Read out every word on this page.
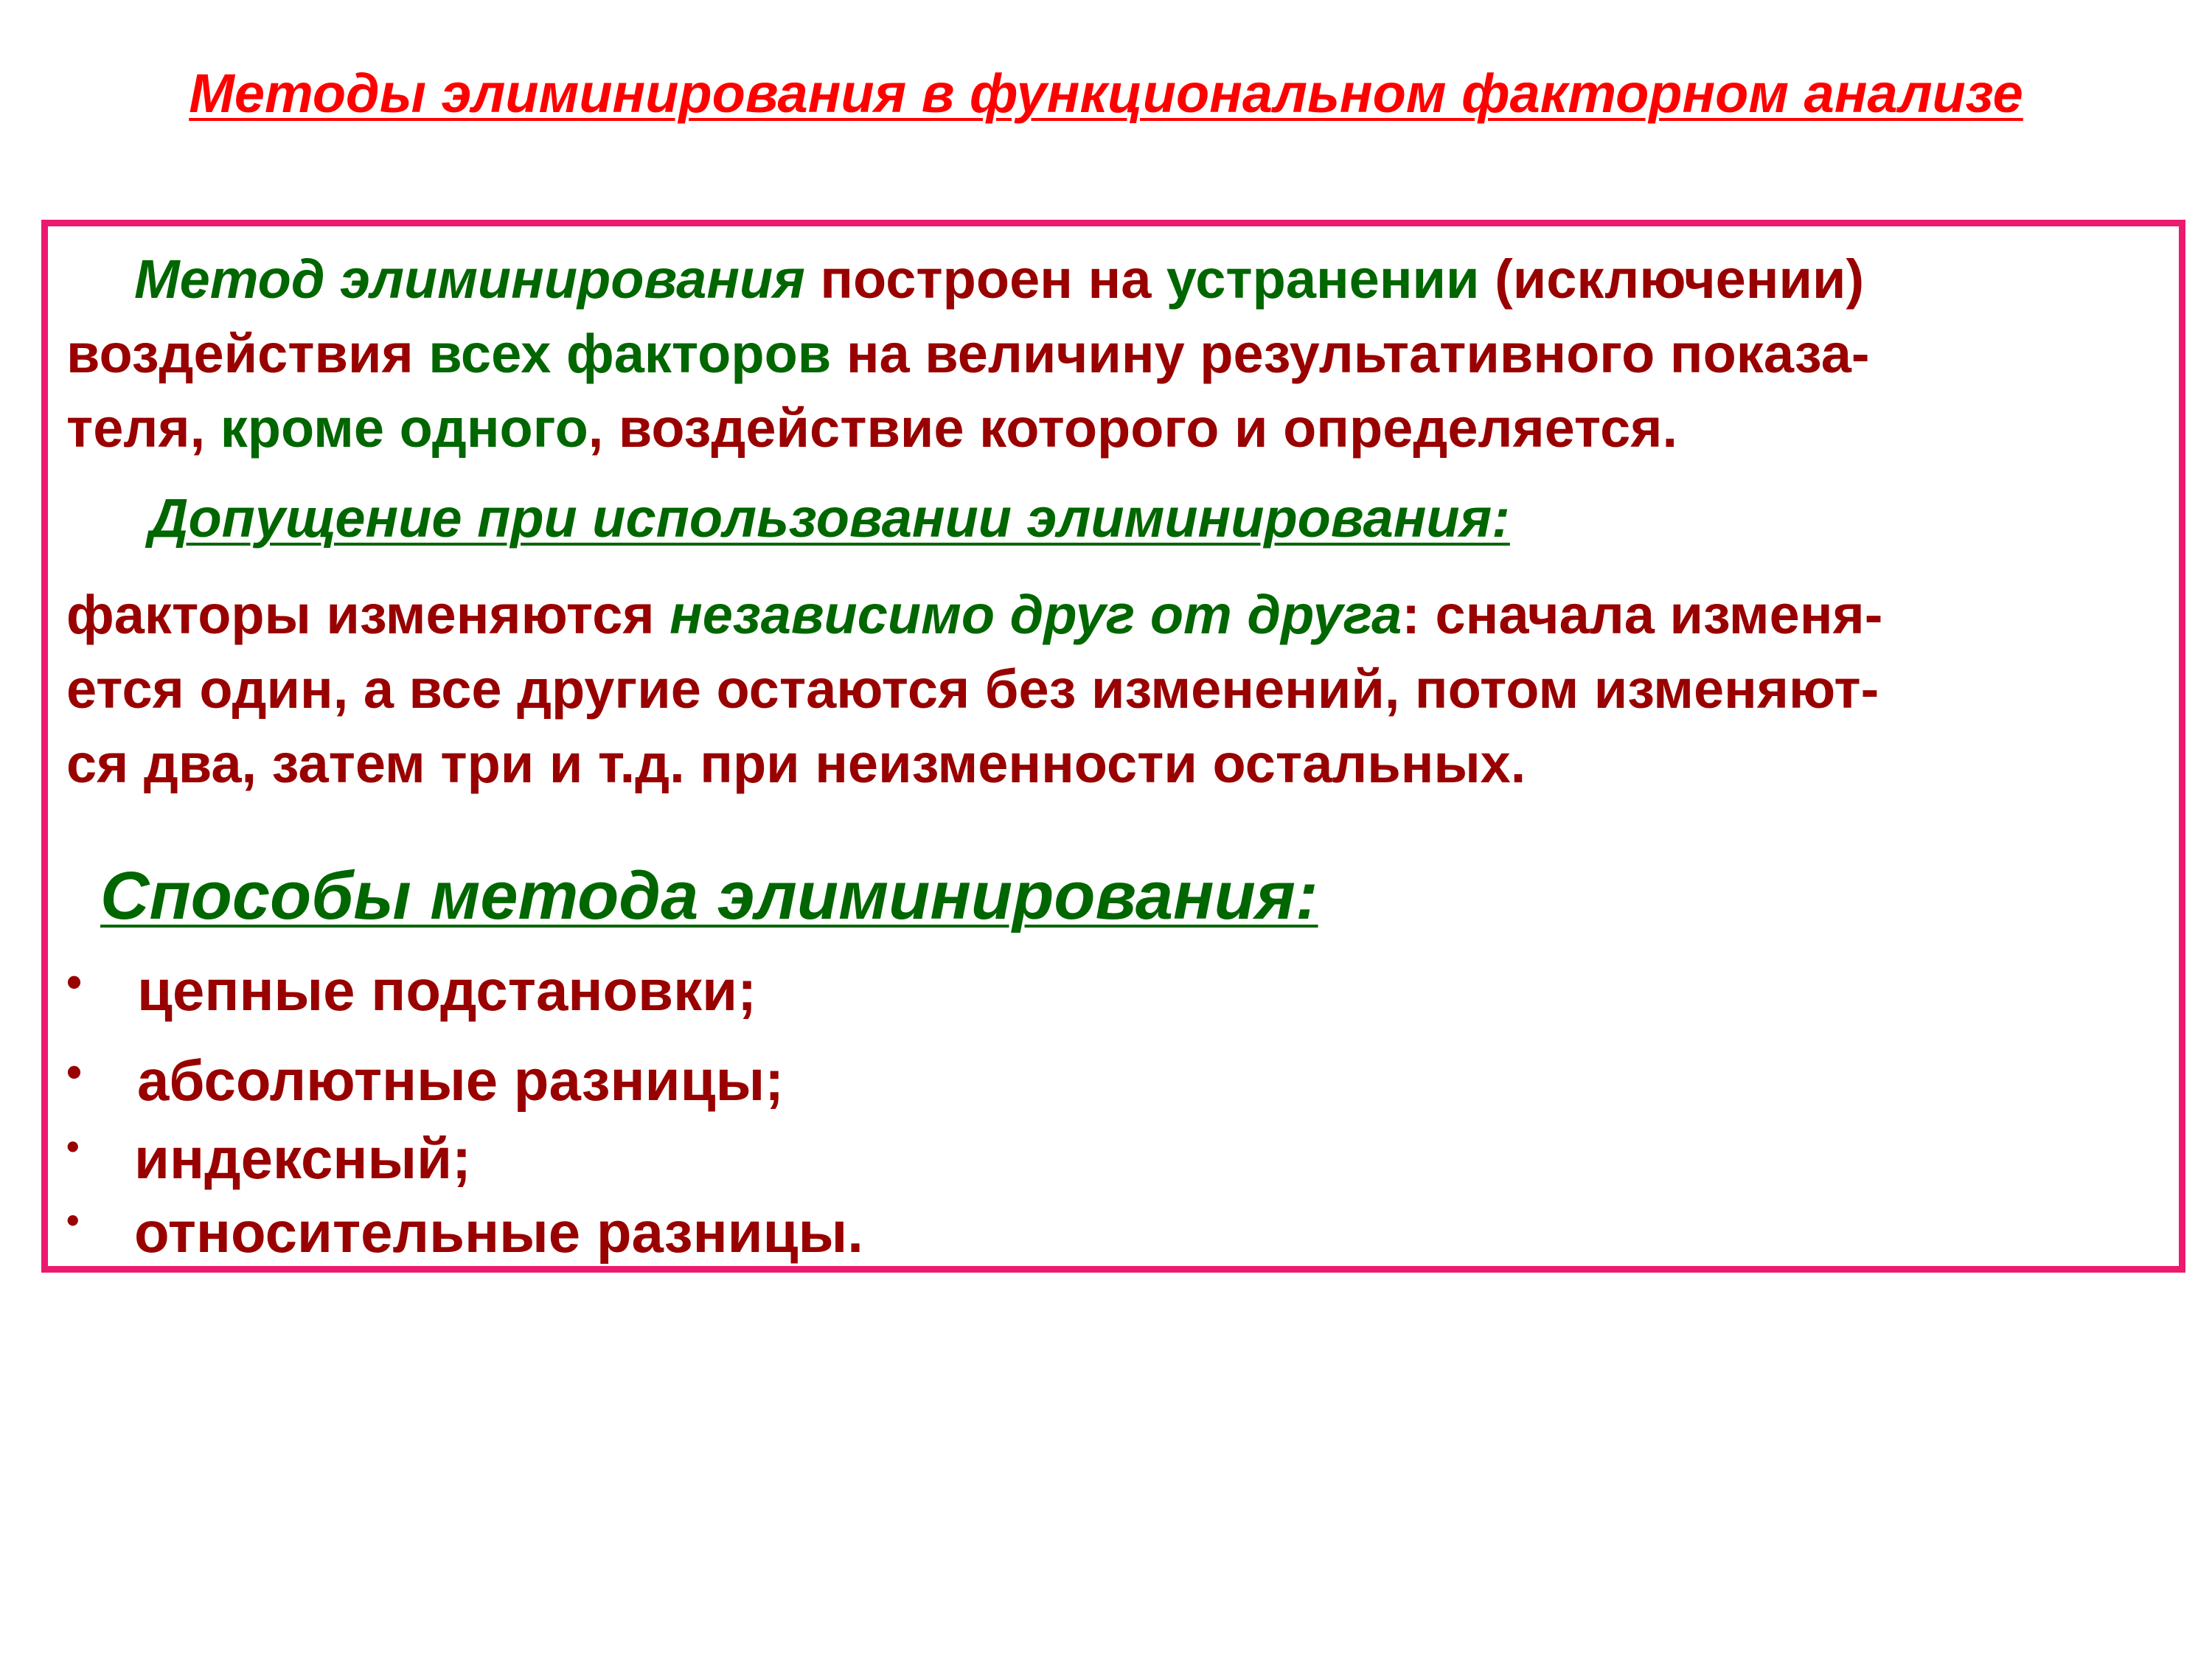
Методы элиминирования в функциональном факторном анализе
Метод элиминирования построен на устранении (исключении)
воздействия всех факторов на величину результативного показа-
теля, кроме одного, воздействие которого и определяется.
Допущение при использовании элиминирования:
факторы изменяются независимо друг от друга: сначала изменя-
ется один, а все другие остаются без изменений, потом изменяют-
ся два, затем три и т.д. при неизменности остальных.
Способы метода элиминирования:
• цепные подстановки;
• абсолютные разницы;
• индексный;
• относительные разницы.
